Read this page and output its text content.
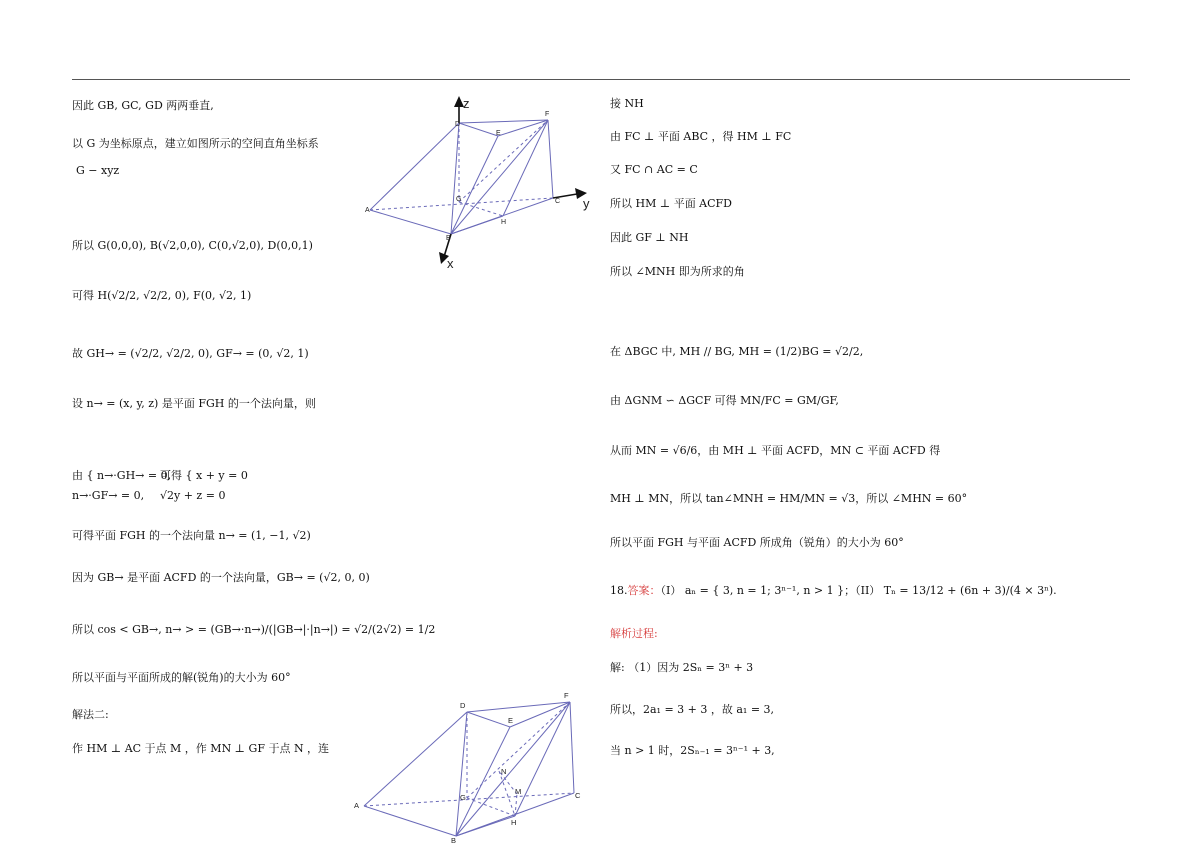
因此 GB, GC, GD 两两垂直,
以 G 为坐标原点，建立如图所示的空间直角坐标系
G − xyz
所以 G(0,0,0), B(√2,0,0), C(0,√2,0), D(0,0,1)
可得 H(√2/2, √2/2, 0), F(0, √2, 1)
故 GH→ = (√2/2, √2/2, 0), GF→ = (0, √2, 1)
设 n→ = (x, y, z) 是平面 FGH 的一个法向量，则
由 { n→·GH→ = 0,
n→·GF→ = 0,
可得 { x + y = 0
√2y + z = 0
可得平面 FGH 的一个法向量 n→ = (1, −1, √2)
因为 GB→ 是平面 ACFD 的一个法向量，GB→ = (√2, 0, 0)
所以 cos < GB→, n→ > = (GB→·n→)/(|GB→|·|n→|) = √2/(2√2) = 1/2
所以平面与平面所成的解(锐角)的大小为 60°
解法二:
作 HM ⊥ AC 于点 M ，作 MN ⊥ GF 于点 N ，连
接 NH
由 FC ⊥ 平面 ABC ，得 HM ⊥ FC
又 FC ∩ AC = C
所以 HM ⊥ 平面 ACFD
因此 GF ⊥ NH
所以 ∠MNH 即为所求的角
在 ΔBGC 中, MH // BG, MH = (1/2)BG = √2/2,
由 ΔGNM ∽ ΔGCF 可得 MN/FC = GM/GF,
从而 MN = √6/6，由 MH ⊥ 平面 ACFD，MN ⊂ 平面 ACFD 得
MH ⊥ MN，所以 tan∠MNH = HM/MN = √3，所以 ∠MHN = 60°
所以平面 FGH 与平面 ACFD 所成角（锐角）的大小为 60°
18.答案：（I） aₙ = { 3, n = 1; 3ⁿ⁻¹, n > 1 }；（II） Tₙ = 13/12 + (6n + 3)/(4 × 3ⁿ).
解析过程:
解: （1）因为 2Sₙ = 3ⁿ + 3
所以，2a₁ = 3 + 3 ，故 a₁ = 3,
当 n > 1 时，2Sₙ₋₁ = 3ⁿ⁻¹ + 3,
D
E
F
A
B
C
G
H
z
y
x
D
E
F
A
B
C
G
H
M
N
